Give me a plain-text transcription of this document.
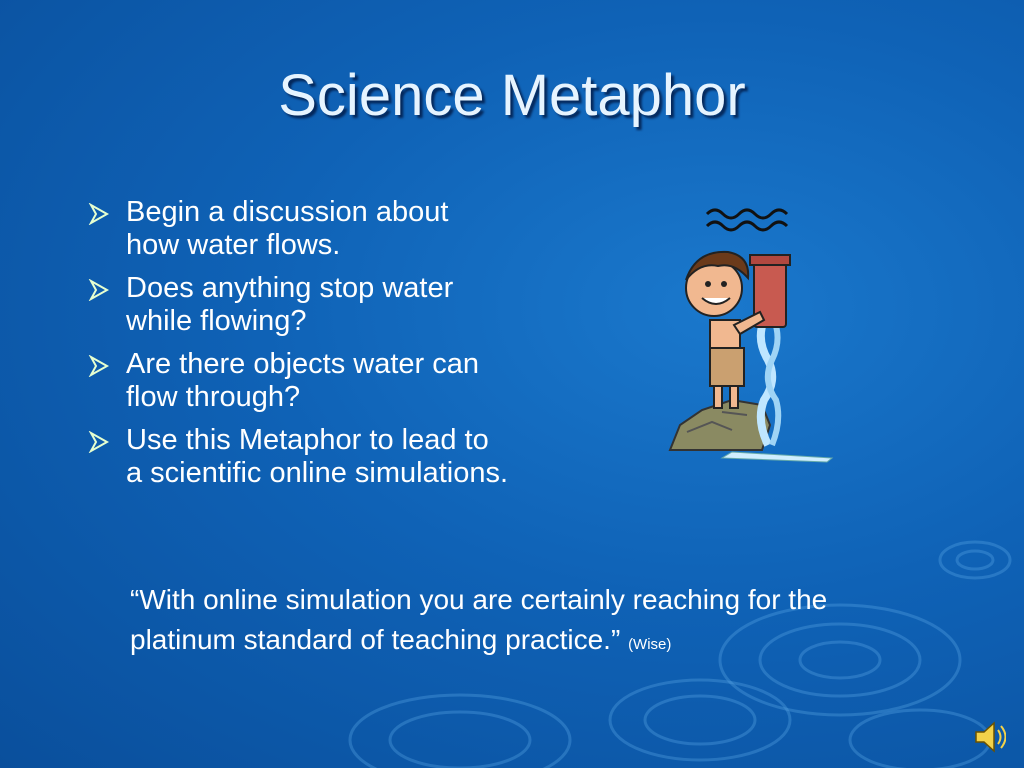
Science Metaphor
Begin a discussion about how water flows.
Does anything stop water while flowing?
Are there objects water can flow through?
Use this Metaphor to lead to a scientific online simulations.
“With online simulation you are certainly reaching for the platinum standard of teaching practice.” (Wise)
